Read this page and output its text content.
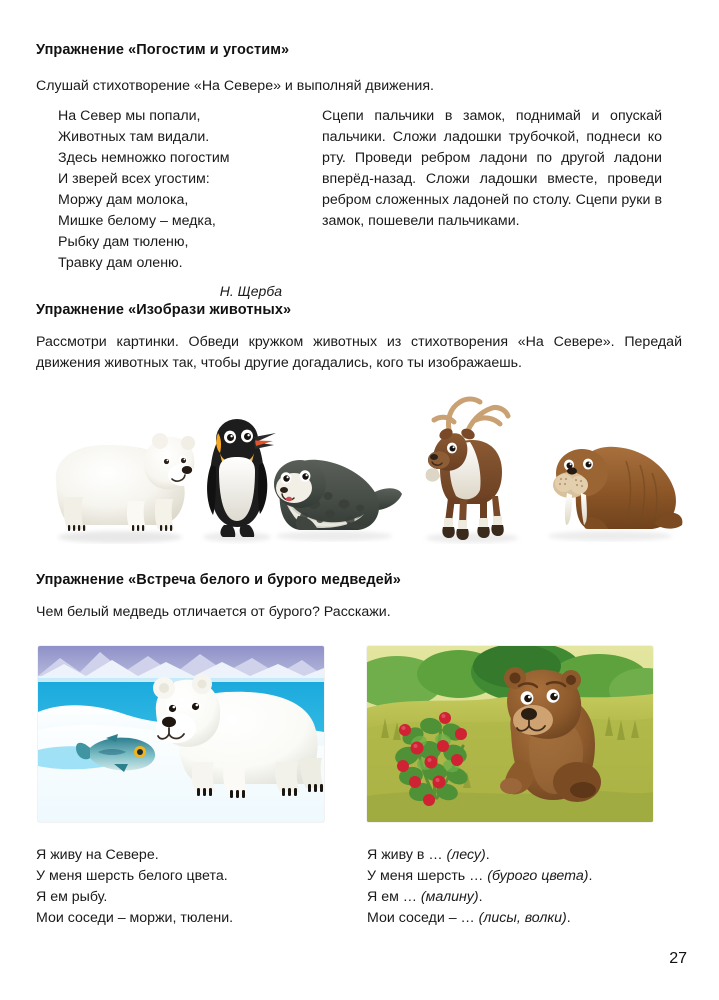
Упражнение «Погостим и угостим»
Слушай стихотворение «На Севере» и выполняй движения.
На Север мы попали,
Животных там видали.
Здесь немножко погостим
И зверей всех угостим:
Моржу дам молока,
Мишке белому – медка,
Рыбку дам тюленю,
Травку дам оленю.
Н. Щерба
Сцепи пальчики в замок, поднимай и опускай пальчики. Сложи ладошки трубочкой, поднеси ко рту. Проведи ребром ладони по другой ладони вперёд-назад. Сложи ладошки вместе, проведи ребром сложенных ладоней по столу. Сцепи руки в замок, пошевели пальчиками.
Упражнение «Изобрази животных»
Рассмотри картинки. Обведи кружком животных из стихотворения «На Севере». Передай движения животных так, чтобы другие догадались, кого ты изображаешь.
Упражнение «Встреча белого и бурого медведей»
Чем белый медведь отличается от бурого? Расскажи.
Я живу на Севере.
У меня шерсть белого цвета.
Я ем рыбу.
Мои соседи – моржи, тюлени.
Я живу в … (лесу).
У меня шерсть … (бурого цвета).
Я ем … (малину).
Мои соседи – … (лисы, волки).
27
